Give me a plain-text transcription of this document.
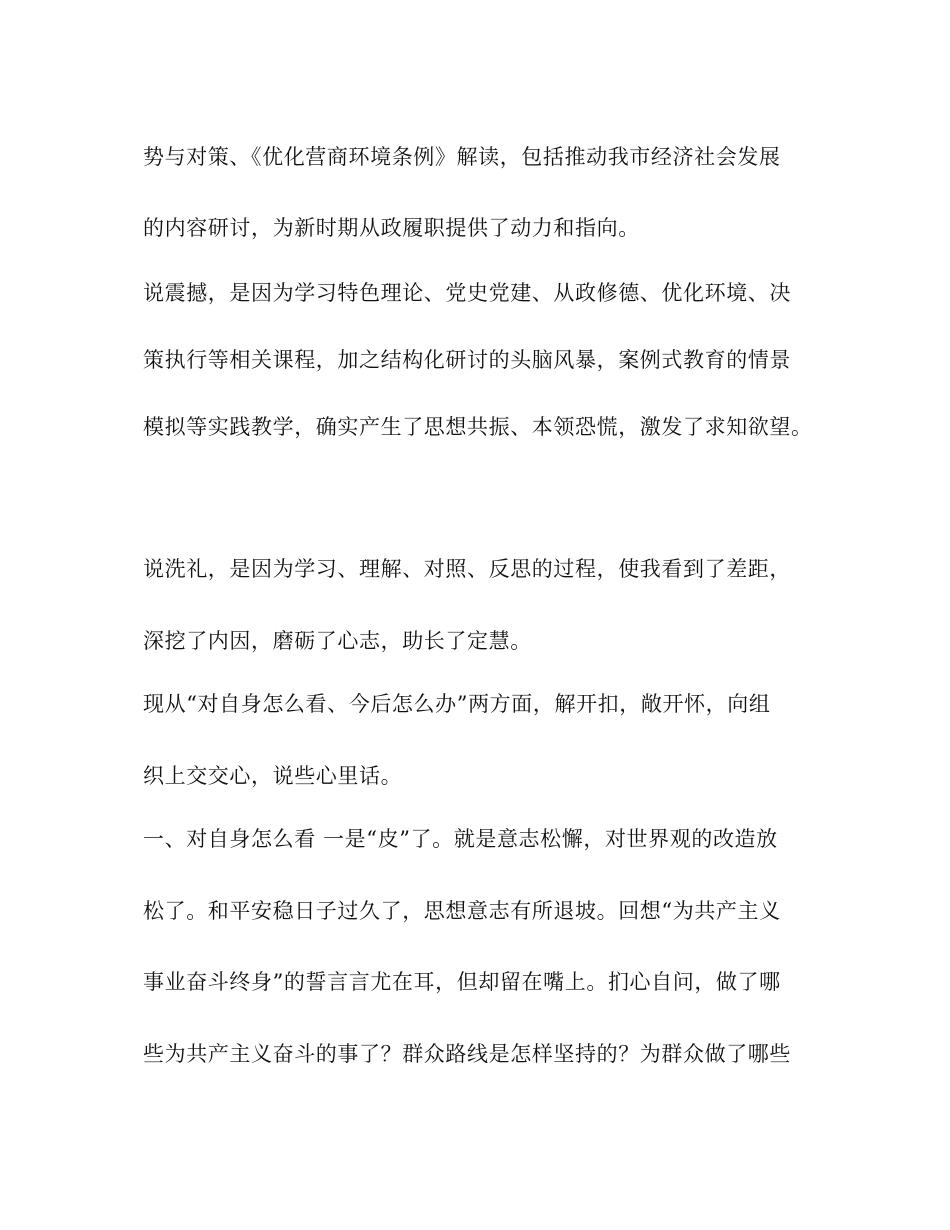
势与对策、《优化营商环境条例》解读，包括推动我市经济社会发展
的内容研讨，为新时期从政履职提供了动力和指向。
说震撼，是因为学习特色理论、党史党建、从政修德、优化环境、决
策执行等相关课程，加之结构化研讨的头脑风暴，案例式教育的情景
模拟等实践教学，确实产生了思想共振、本领恐慌，激发了求知欲望。
说洗礼，是因为学习、理解、对照、反思的过程，使我看到了差距，
深挖了内因，磨砺了心志，助长了定慧。
现从“对自身怎么看、今后怎么办”两方面，解开扣，敞开怀，向组
织上交交心，说些心里话。
一、对自身怎么看 一是“皮”了。就是意志松懈，对世界观的改造放
松了。和平安稳日子过久了，思想意志有所退坡。回想“为共产主义
事业奋斗终身”的誓言言尤在耳，但却留在嘴上。扪心自问，做了哪
些为共产主义奋斗的事了？群众路线是怎样坚持的？为群众做了哪些
